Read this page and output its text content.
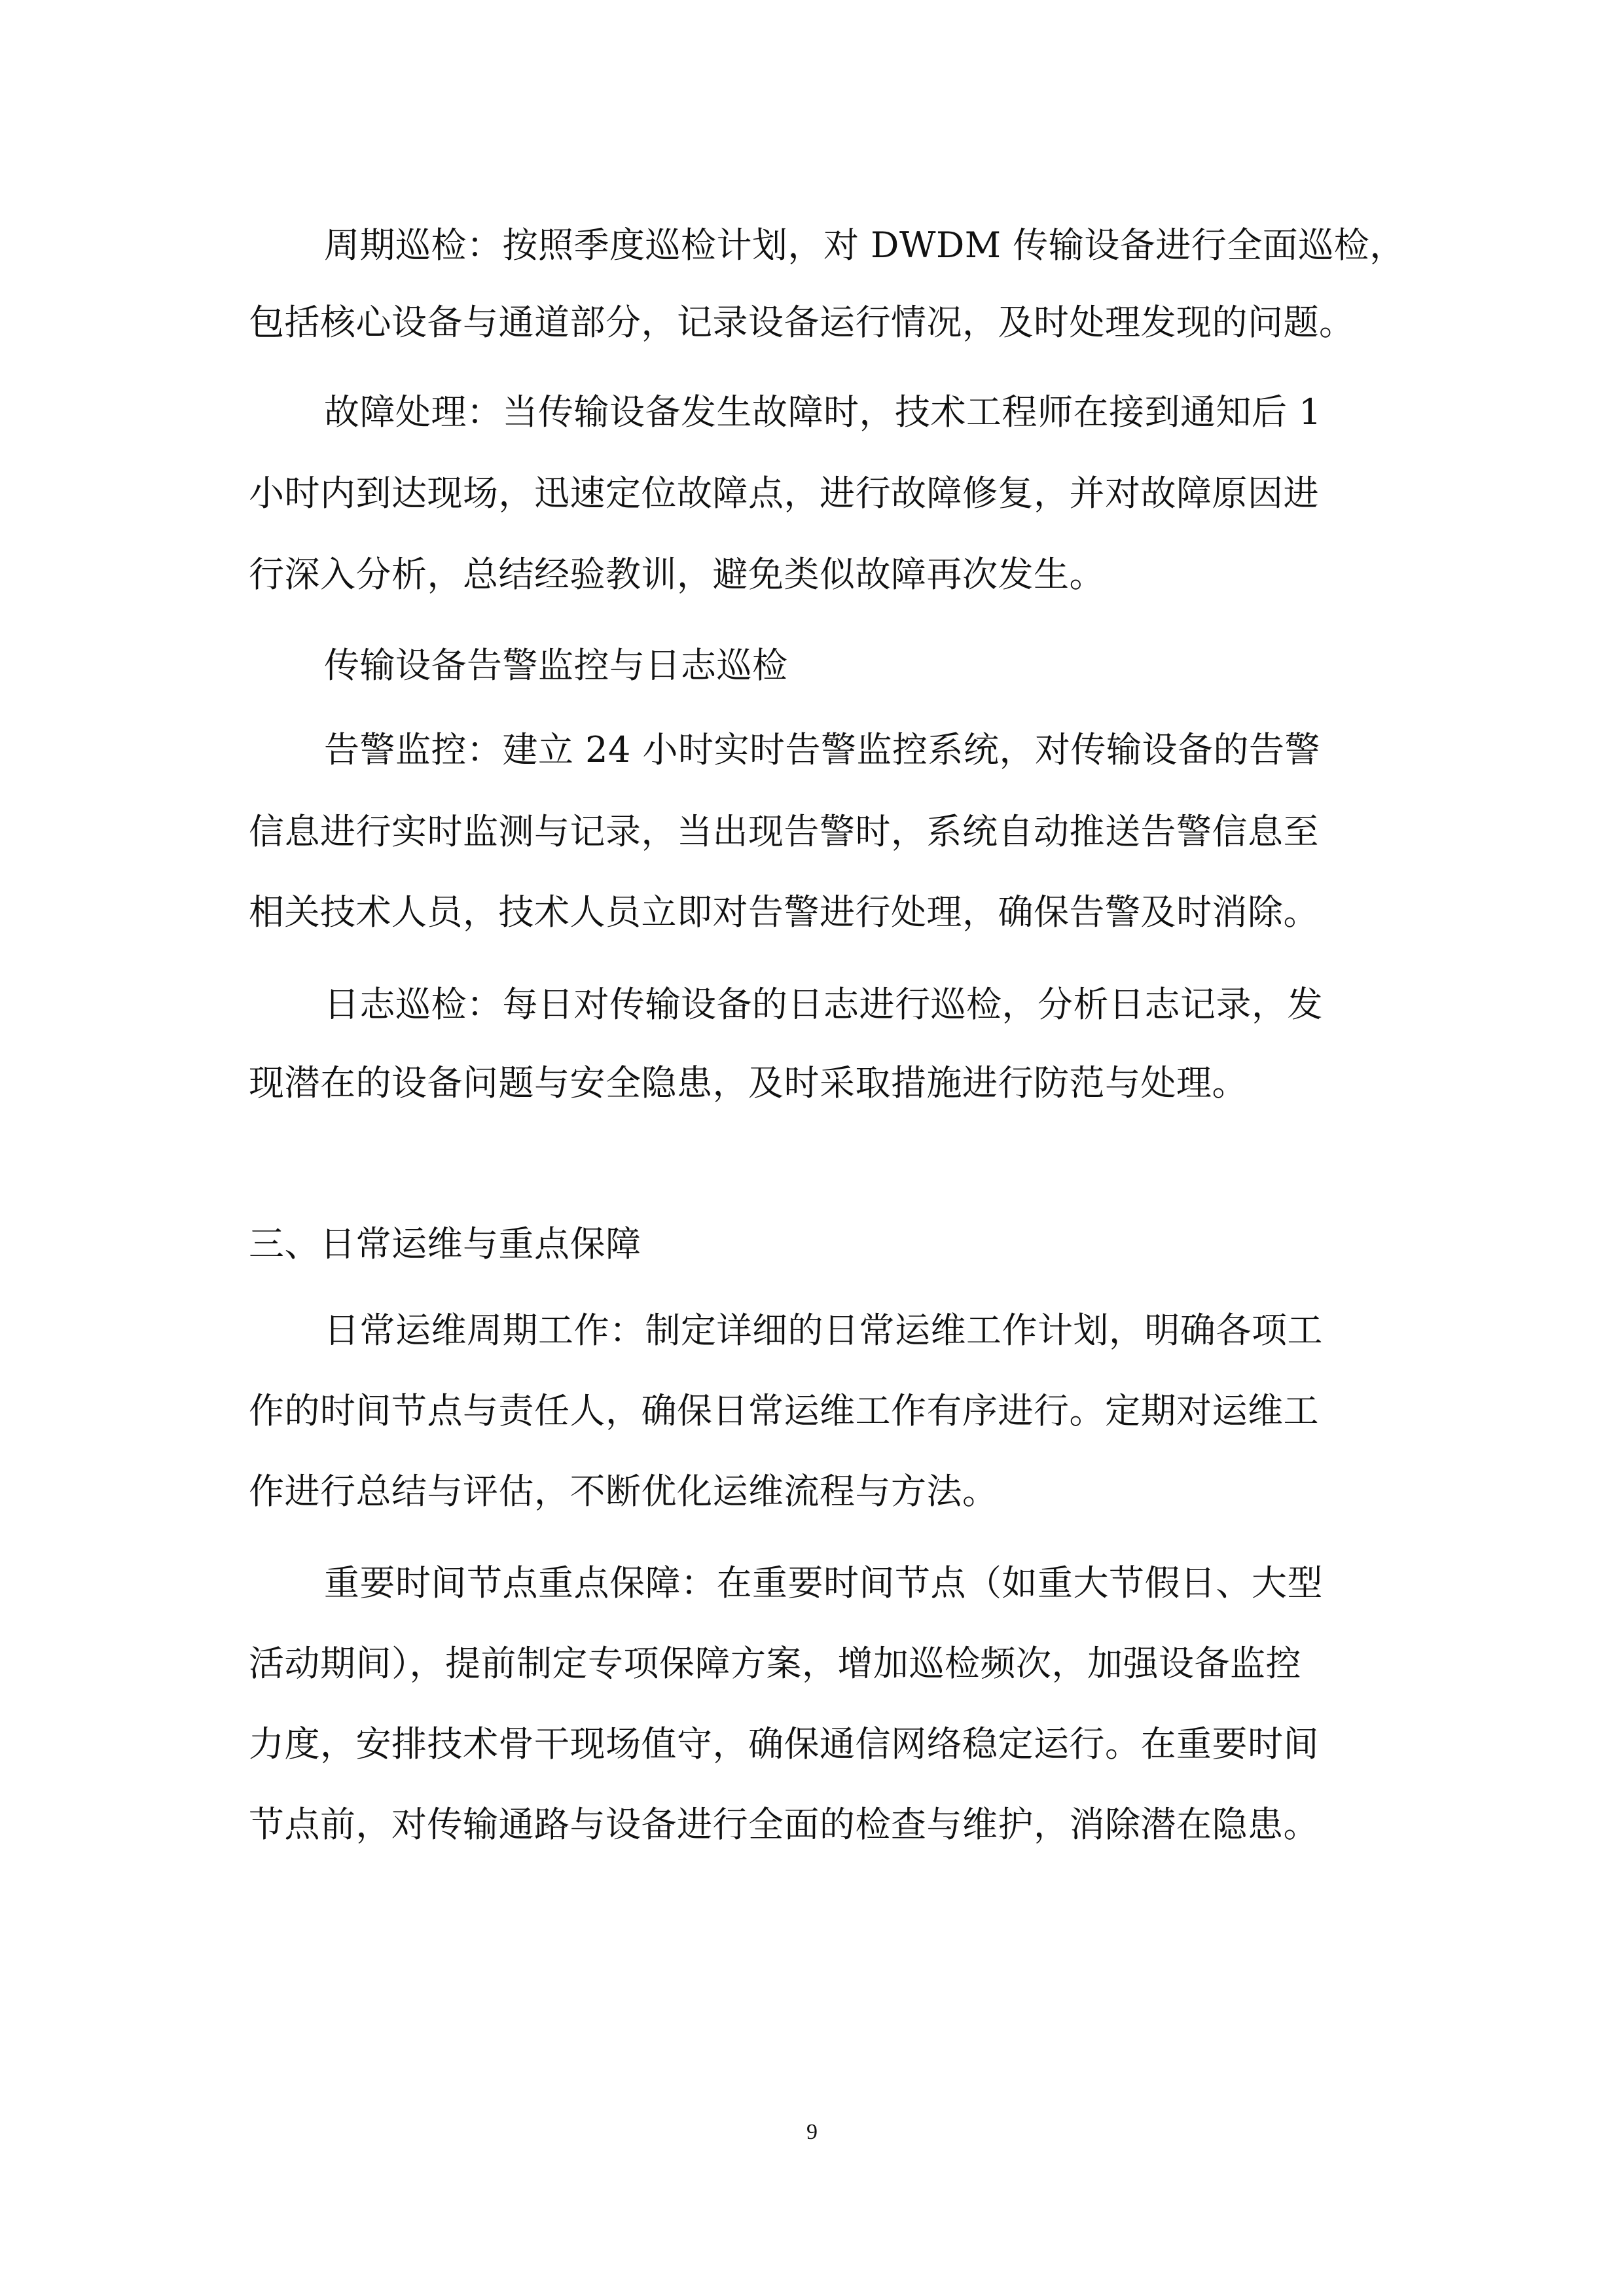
周期巡检：按照季度巡检计划，对 DWDM 传输设备进行全面巡检，
包括核心设备与通道部分，记录设备运行情况，及时处理发现的问题。
故障处理：当传输设备发生故障时，技术工程师在接到通知后 1
小时内到达现场，迅速定位故障点，进行故障修复，并对故障原因进
行深入分析，总结经验教训，避免类似故障再次发生。
传输设备告警监控与日志巡检
告警监控：建立 24 小时实时告警监控系统，对传输设备的告警
信息进行实时监测与记录，当出现告警时，系统自动推送告警信息至
相关技术人员，技术人员立即对告警进行处理，确保告警及时消除。
日志巡检：每日对传输设备的日志进行巡检，分析日志记录，发
现潜在的设备问题与安全隐患，及时采取措施进行防范与处理。
三、日常运维与重点保障
日常运维周期工作：制定详细的日常运维工作计划，明确各项工
作的时间节点与责任人，确保日常运维工作有序进行。定期对运维工
作进行总结与评估，不断优化运维流程与方法。
重要时间节点重点保障：在重要时间节点（如重大节假日、大型
活动期间），提前制定专项保障方案，增加巡检频次，加强设备监控
力度，安排技术骨干现场值守，确保通信网络稳定运行。在重要时间
节点前，对传输通路与设备进行全面的检查与维护，消除潜在隐患。
9
